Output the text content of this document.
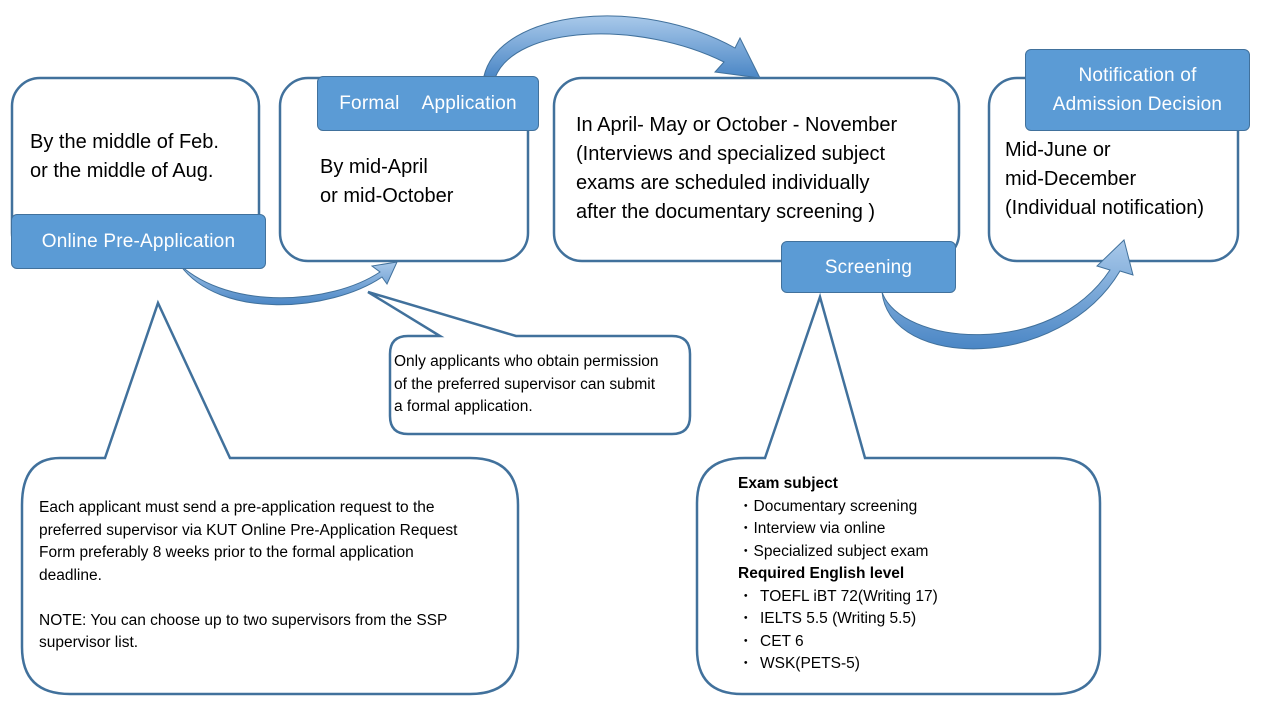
By the middle of Feb.
or the middle of Aug.
Online Pre-Application
Formal Application
By mid-April
or mid-October
In April- May or October - November
(Interviews and specialized subject
exams are scheduled individually
after the documentary screening )
Screening
Notification of
Admission Decision
Mid-June or
mid-December
(Individual notification)
Each applicant must send a pre-application request to the
preferred supervisor via KUT Online Pre-Application Request
Form preferably 8 weeks prior to the formal application
deadline.
NOTE: You can choose up to two supervisors from the SSP
supervisor list.
Only applicants who obtain permission
of the preferred supervisor can submit
a formal application.
Exam subject
・Documentary screening
・Interview via online
・Specialized subject exam
Required English level
・ TOEFL iBT 72(Writing 17)
・ IELTS 5.5 (Writing 5.5)
・ CET 6
・ WSK(PETS-5)
